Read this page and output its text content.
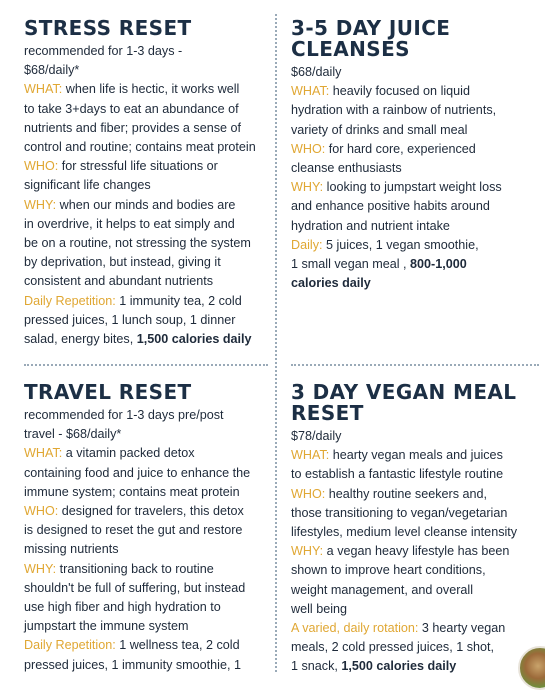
STRESS RESET
recommended for 1-3 days -
$68/daily*
WHAT: when life is hectic, it works well
to take 3+days to eat an abundance of
nutrients and fiber; provides a sense of
control and routine; contains meat protein
WHO: for stressful life situations or
significant life changes
WHY: when our minds and bodies are
in overdrive, it helps to eat simply and
be on a routine, not stressing the system
by deprivation, but instead, giving it
consistent and abundant nutrients
Daily Repetition: 1 immunity tea, 2 cold
pressed juices, 1 lunch soup, 1 dinner
salad, energy bites, 1,500 calories daily
3-5 DAY JUICE
CLEANSES
$68/daily
WHAT: heavily focused on liquid
hydration with a rainbow of nutrients,
variety of drinks and small meal
WHO: for hard core, experienced
cleanse enthusiasts
WHY: looking to jumpstart weight loss
and enhance positive habits around
hydration and nutrient intake
Daily: 5 juices, 1 vegan smoothie,
1 small vegan meal , 800-1,000
calories daily
TRAVEL RESET
recommended for 1-3 days pre/post
travel - $68/daily*
WHAT: a vitamin packed detox
containing food and juice to enhance the
immune system; contains meat protein
WHO: designed for travelers, this detox
is designed to reset the gut and restore
missing nutrients
WHY: transitioning back to routine
shouldn't be full of suffering, but instead
use high fiber and high hydration to
jumpstart the immune system
Daily Repetition: 1 wellness tea, 2 cold
pressed juices, 1 immunity smoothie, 1
3 DAY VEGAN MEAL
RESET
$78/daily
WHAT: hearty vegan meals and juices
to establish a fantastic lifestyle routine
WHO: healthy routine seekers and,
those transitioning to vegan/vegetarian
lifestyles, medium level cleanse intensity
WHY: a vegan heavy lifestyle has been
shown to improve heart conditions,
weight management, and overall
well being
A varied, daily rotation: 3 hearty vegan
meals, 2 cold pressed juices, 1 shot,
1 snack, 1,500 calories daily
